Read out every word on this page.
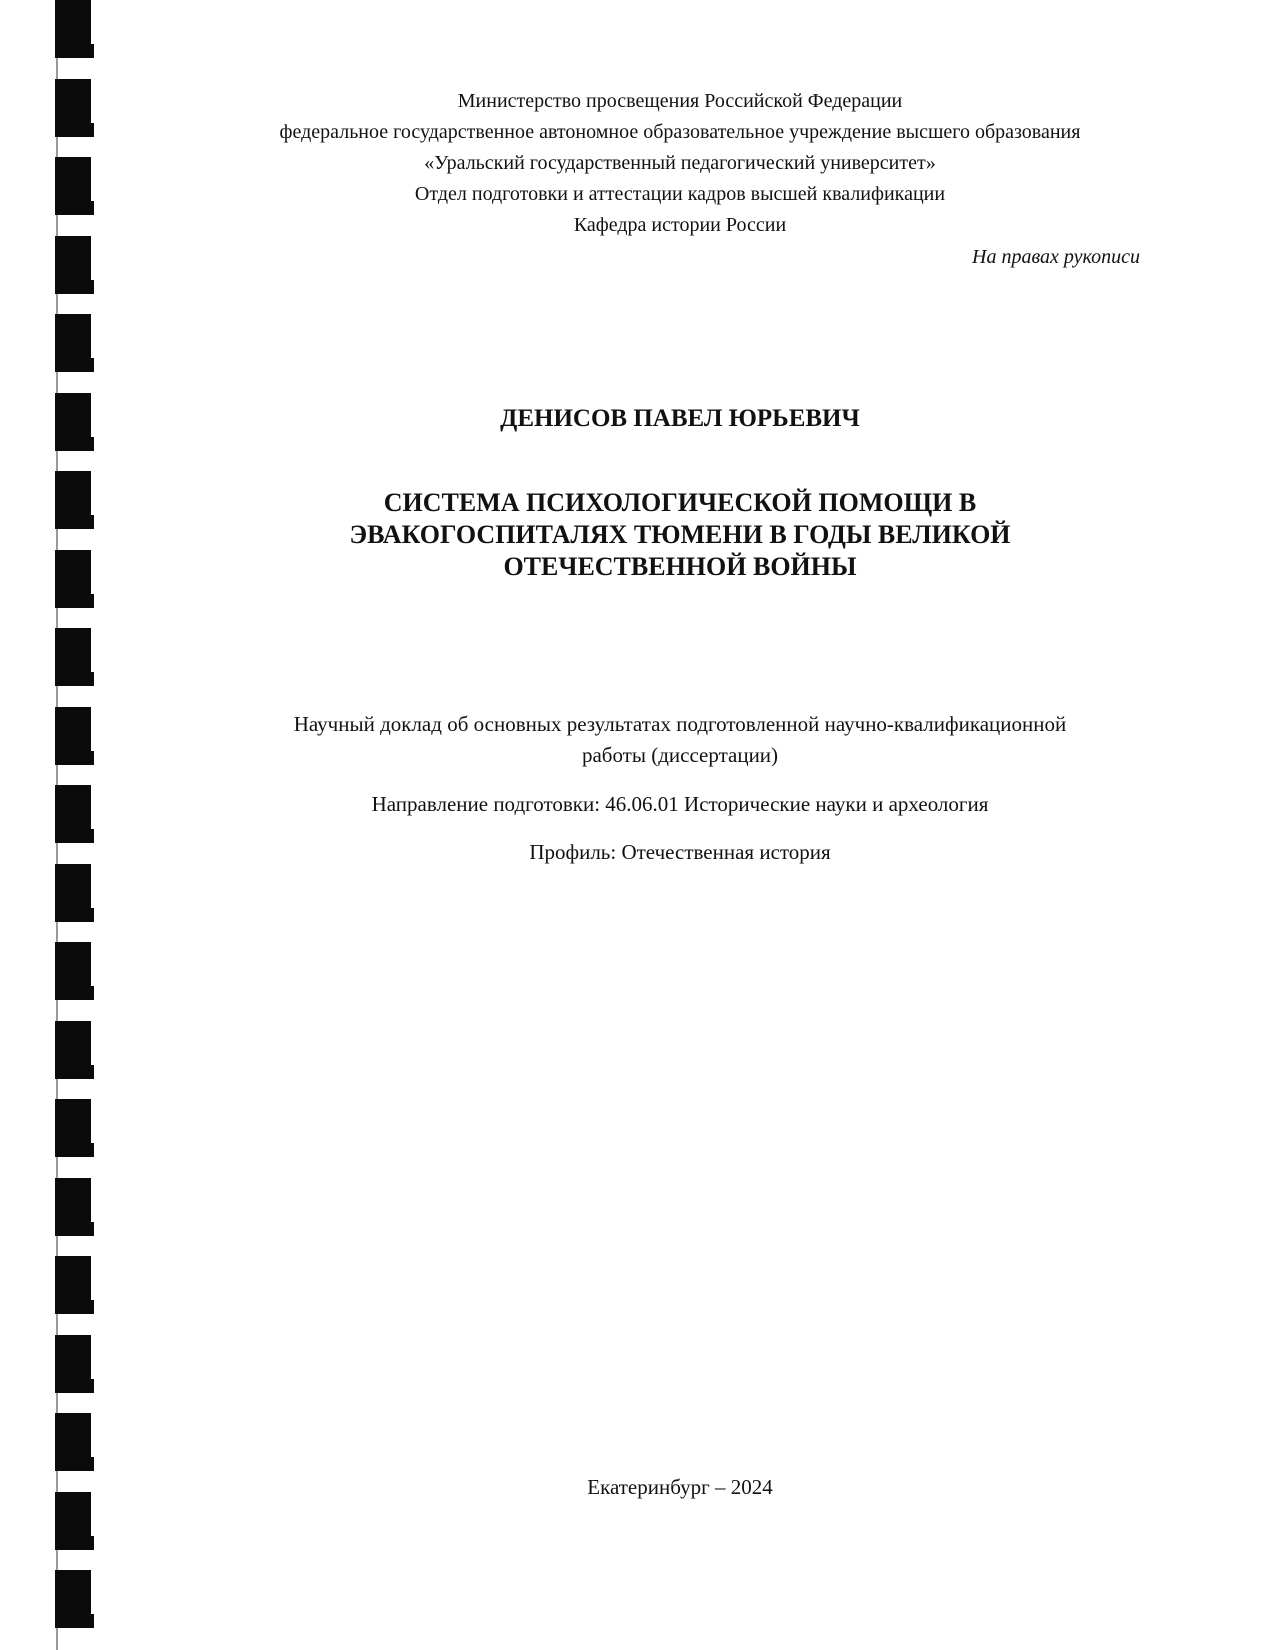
Министерство просвещения Российской Федерации
федеральное государственное автономное образовательное учреждение высшего образования
«Уральский государственный педагогический университет»
Отдел подготовки и аттестации кадров высшей квалификации
Кафедра истории России
На правах рукописи
ДЕНИСОВ ПАВЕЛ ЮРЬЕВИЧ
СИСТЕМА ПСИХОЛОГИЧЕСКОЙ ПОМОЩИ В
ЭВАКОГОСПИТАЛЯХ ТЮМЕНИ В ГОДЫ ВЕЛИКОЙ
ОТЕЧЕСТВЕННОЙ ВОЙНЫ
Научный доклад об основных результатах подготовленной научно-квалификационной
работы (диссертации)
Направление подготовки: 46.06.01 Исторические науки и археология
Профиль: Отечественная история
Екатеринбург – 2024
